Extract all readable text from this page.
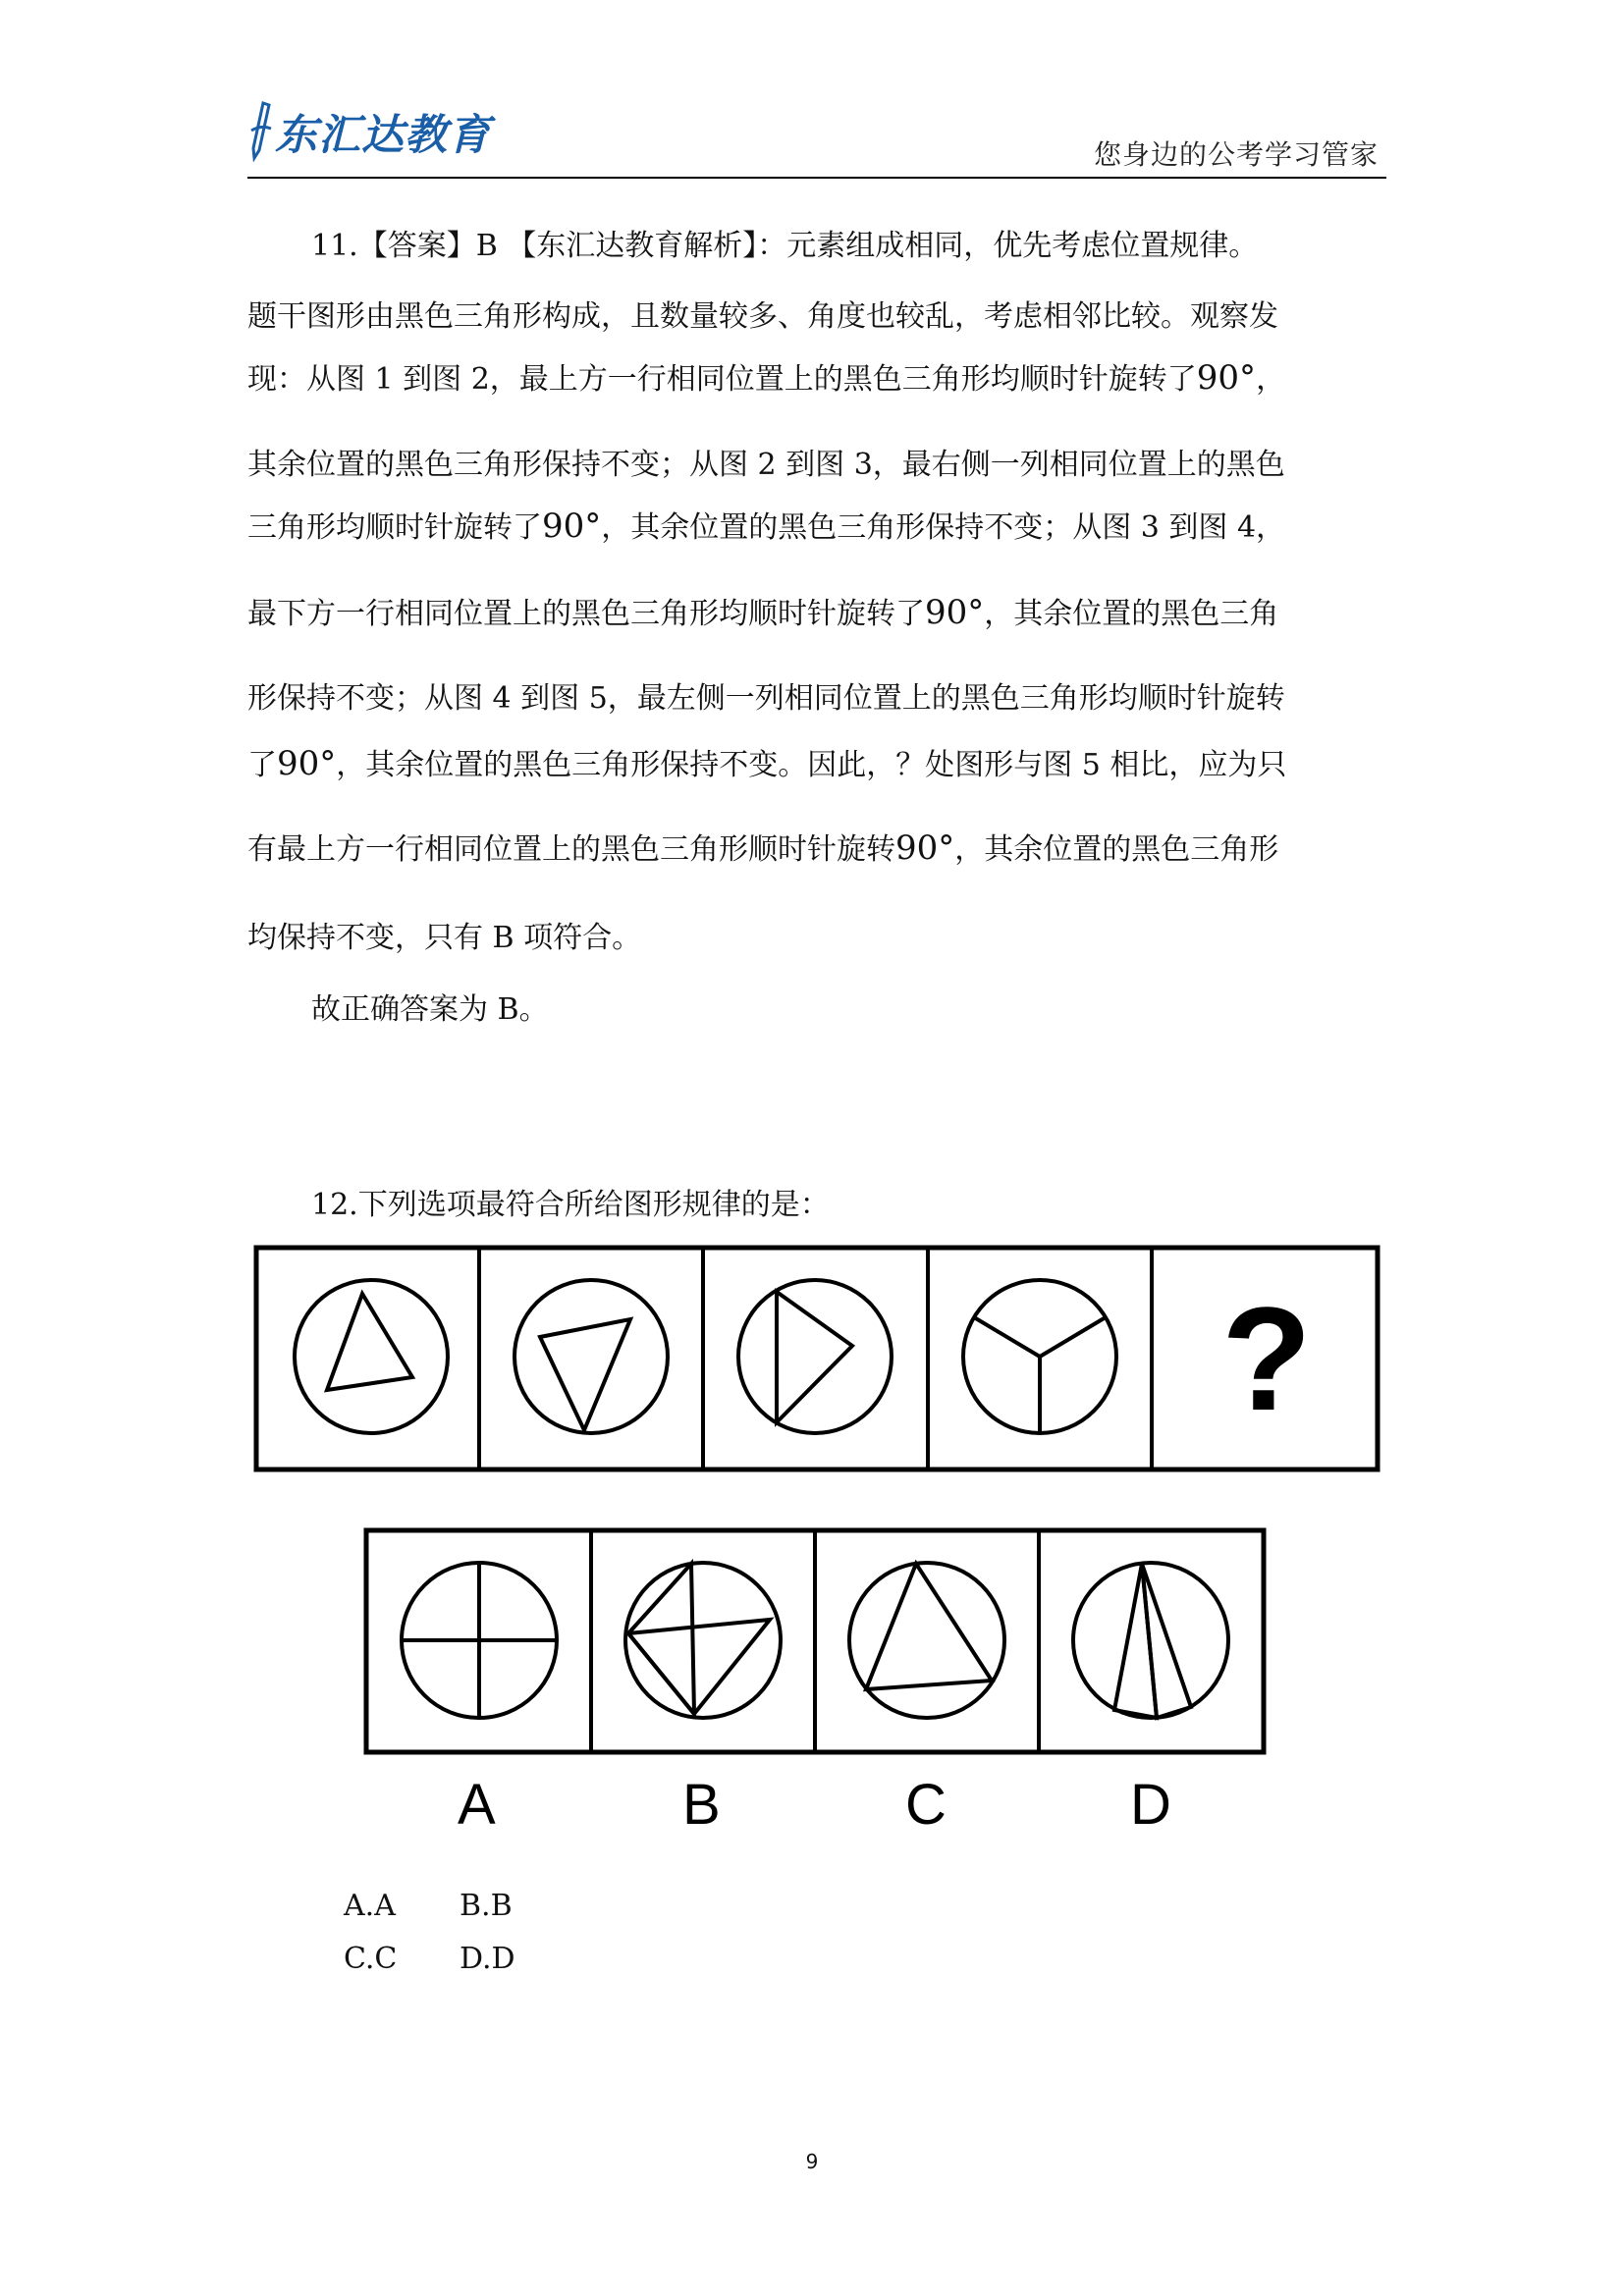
东汇达教育	您身边的公考学习管家
11.【答案】B 【东汇达教育解析】：元素组成相同，优先考虑位置规律。
题干图形由黑色三角形构成，且数量较多、角度也较乱，考虑相邻比较。观察发
现：从图 1 到图 2，最上方一行相同位置上的黑色三角形均顺时针旋转了90°，
其余位置的黑色三角形保持不变；从图 2 到图 3，最右侧一列相同位置上的黑色
三角形均顺时针旋转了90°，其余位置的黑色三角形保持不变；从图 3 到图 4，
最下方一行相同位置上的黑色三角形均顺时针旋转了90°，其余位置的黑色三角
形保持不变；从图 4 到图 5，最左侧一列相同位置上的黑色三角形均顺时针旋转
了90°，其余位置的黑色三角形保持不变。因此，？处图形与图 5 相比，应为只
有最上方一行相同位置上的黑色三角形顺时针旋转90°，其余位置的黑色三角形
均保持不变，只有 B 项符合。
故正确答案为 B。
12.下列选项最符合所给图形规律的是：
?
A	B	C	D
A.A B.B
C.C D.D
9
